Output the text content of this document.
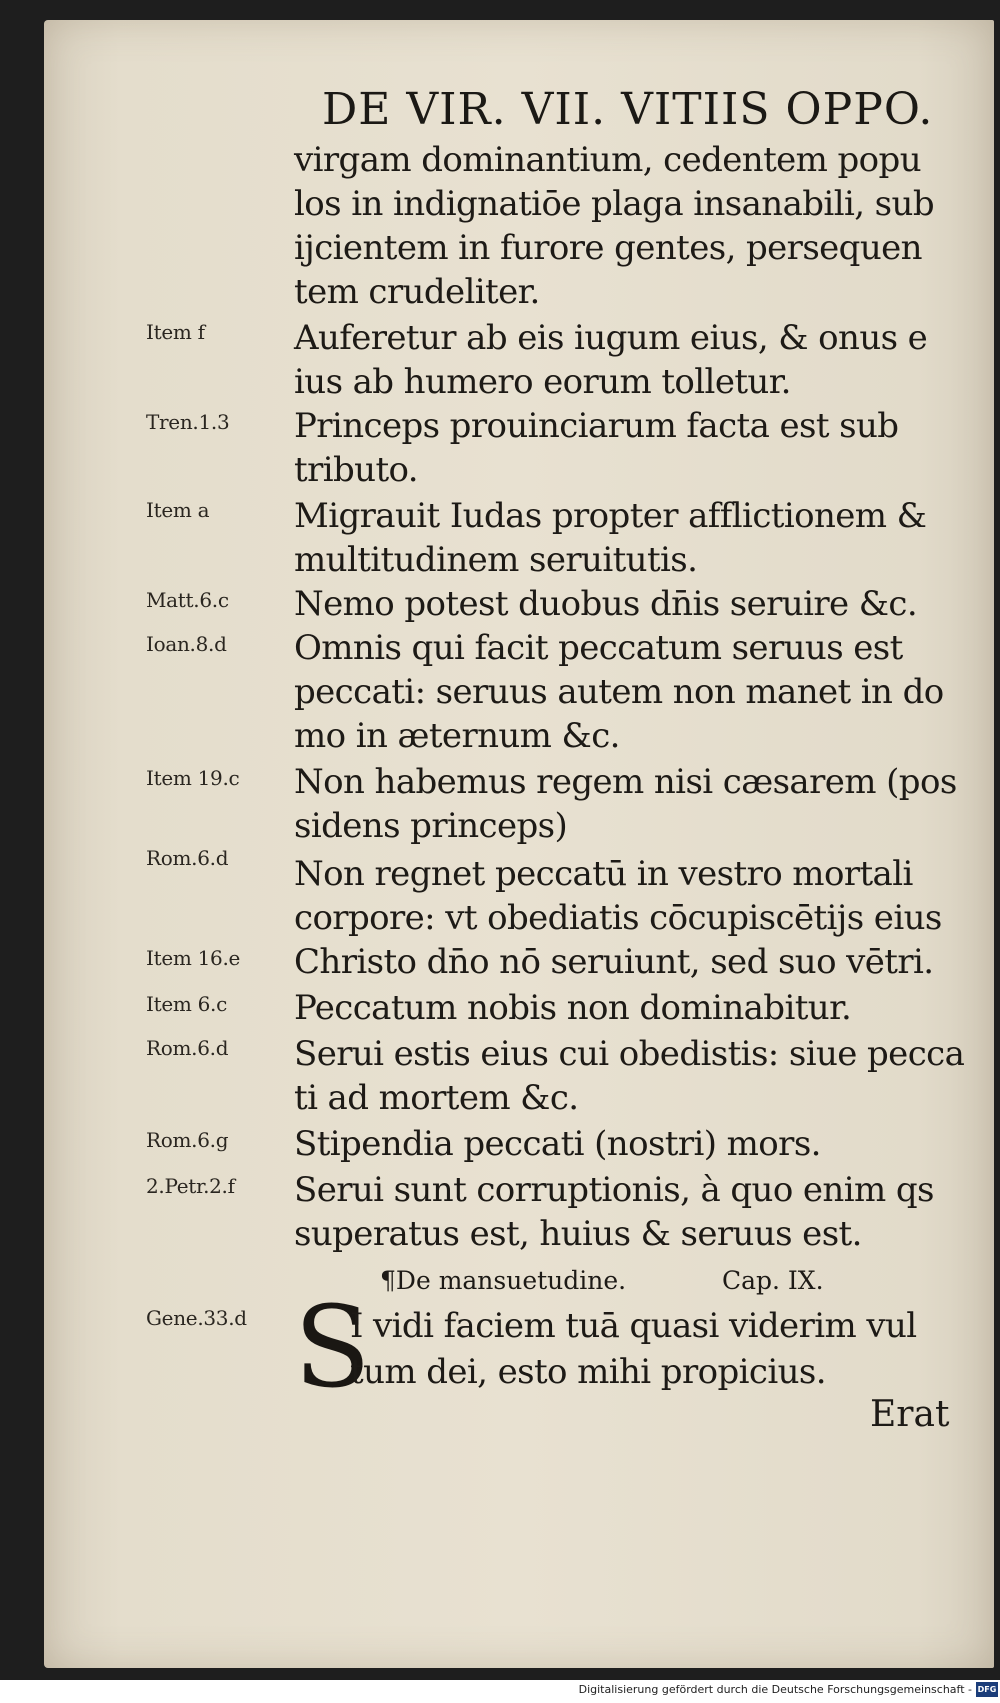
DE VIR. VII. VITIIS OPPO.
virgam dominantium, cedentem popu
los in indignatiōe plaga insanabili, sub
ijcientem in furore gentes, persequen
tem crudeliter.
Auferetur ab eis iugum eius, & onus e
ius ab humero eorum tolletur.
Princeps prouinciarum facta est sub
tributo.
Migrauit Iudas propter afflictionem &
multitudinem seruitutis.
Nemo potest duobus dn̄is seruire &c.
Omnis qui facit peccatum seruus est
peccati: seruus autem non manet in do
mo in æternum &c.
Non habemus regem nisi cæsarem (pos
sidens princeps)
Non regnet peccatū in vestro mortali
corpore: vt obediatis cōcupiscētijs eius
Christo dn̄o nō seruiunt, sed suo vētri.
Peccatum nobis non dominabitur.
Serui estis eius cui obedistis: siue pecca
ti ad mortem &c.
Stipendia peccati (nostri) mors.
Serui sunt corruptionis, à quo enim qs
superatus est, huius & seruus est.
Item f
Tren.1.3
Item a
Matt.6.c
Ioan.8.d
Item 19.c
Rom.6.d
Item 16.e
Item 6.c
Rom.6.d
Rom.6.g
2.Petr.2.f
Gene.33.d
¶De mansuetudine.	Cap. IX.
S
I vidi faciem tuā quasi viderim vul
tum dei, esto mihi propicius.
Erat
Digitalisierung gefördert durch die Deutsche Forschungsgemeinschaft - DFG
